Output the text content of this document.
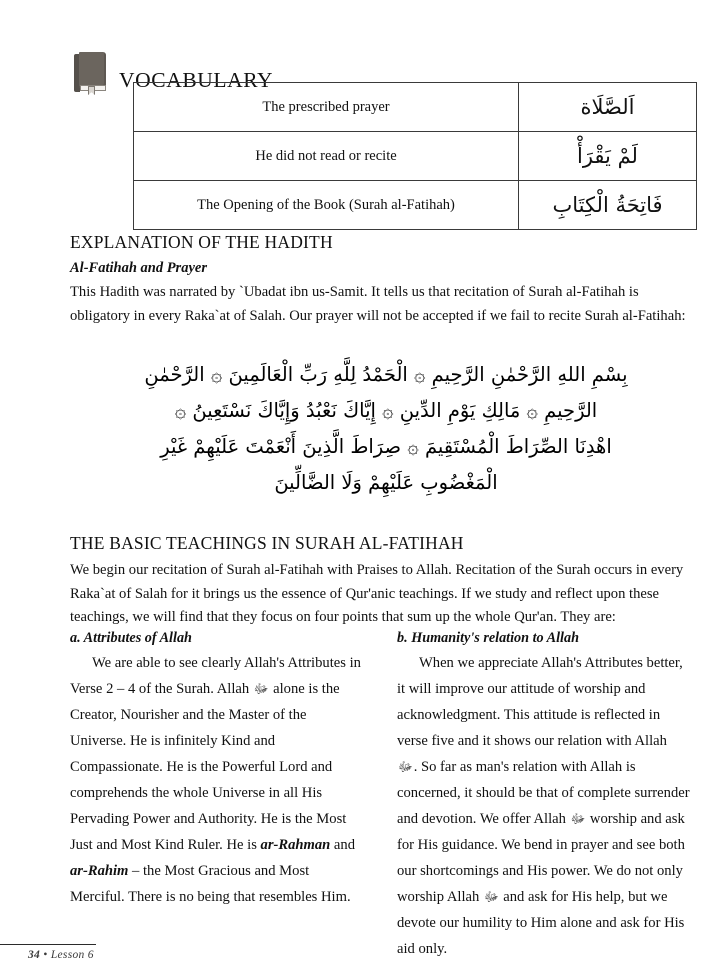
VOCABULARY
The prescribed prayer	اَلصَّلَاة
He did not read or recite	لَمْ يَقْرَأْ
The Opening of the Book (Surah al-Fatihah)	فَاتِحَةُ الْكِتَابِ
EXPLANATION OF THE HADITH
Al-Fatihah and Prayer

This Hadith was narrated by `Ubadat ibn us-Samit. It tells us that recitation of Surah al-Fatihah is obligatory in every Raka`at of Salah. Our prayer will not be accepted if we fail to recite Surah al-Fatihah:

بِسْمِ اللهِ الرَّحْمٰنِ الرَّحِيمِ ۞ الْحَمْدُ لِلَّهِ رَبِّ الْعَالَمِينَ ۞ الرَّحْمٰنِ
الرَّحِيمِ ۞ مَالِكِ يَوْمِ الدِّينِ ۞ إِيَّاكَ نَعْبُدُ وَإِيَّاكَ نَسْتَعِينُ ۞
اهْدِنَا الصِّرَاطَ الْمُسْتَقِيمَ ۞ صِرَاطَ الَّذِينَ أَنْعَمْتَ عَلَيْهِمْ غَيْرِ
الْمَغْضُوبِ عَلَيْهِمْ وَلَا الضَّالِّينَ
THE BASIC TEACHINGS IN SURAH AL-FATIHAH

We begin our recitation of Surah al-Fatihah with Praises to Allah. Recitation of the Surah occurs in every Raka`at of Salah for it brings us the essence of Qur'anic teachings. If we study and reflect upon these teachings, we will find that they focus on four points that sum up the whole Qur'an. They are:

a. Attributes of Allah

We are able to see clearly Allah's Attributes in Verse 2 – 4 of the Surah. Allah ﷻ alone is the Creator, Nourisher and the Master of the Universe. He is infinitely Kind and Compassionate. He is the Powerful Lord and comprehends the whole Universe in all His Pervading Power and Authority. He is the Most Just and Most Kind Ruler. He is ar-Rahman and ar-Rahim – the Most Gracious and Most Merciful. There is no being that resembles Him.

b. Humanity's relation to Allah

When we appreciate Allah's Attributes better, it will improve our attitude of worship and acknowledgment. This attitude is reflected in verse five and it shows our relation with Allah ﷻ. So far as man's relation with Allah is concerned, it should be that of complete surrender and devotion. We offer Allah ﷻ worship and ask for His guidance. We bend in prayer and see both our shortcomings and His power. We do not only worship Allah ﷻ and ask for His help, but we devote our humility to Him alone and ask for His aid only.

34 • Lesson 6
